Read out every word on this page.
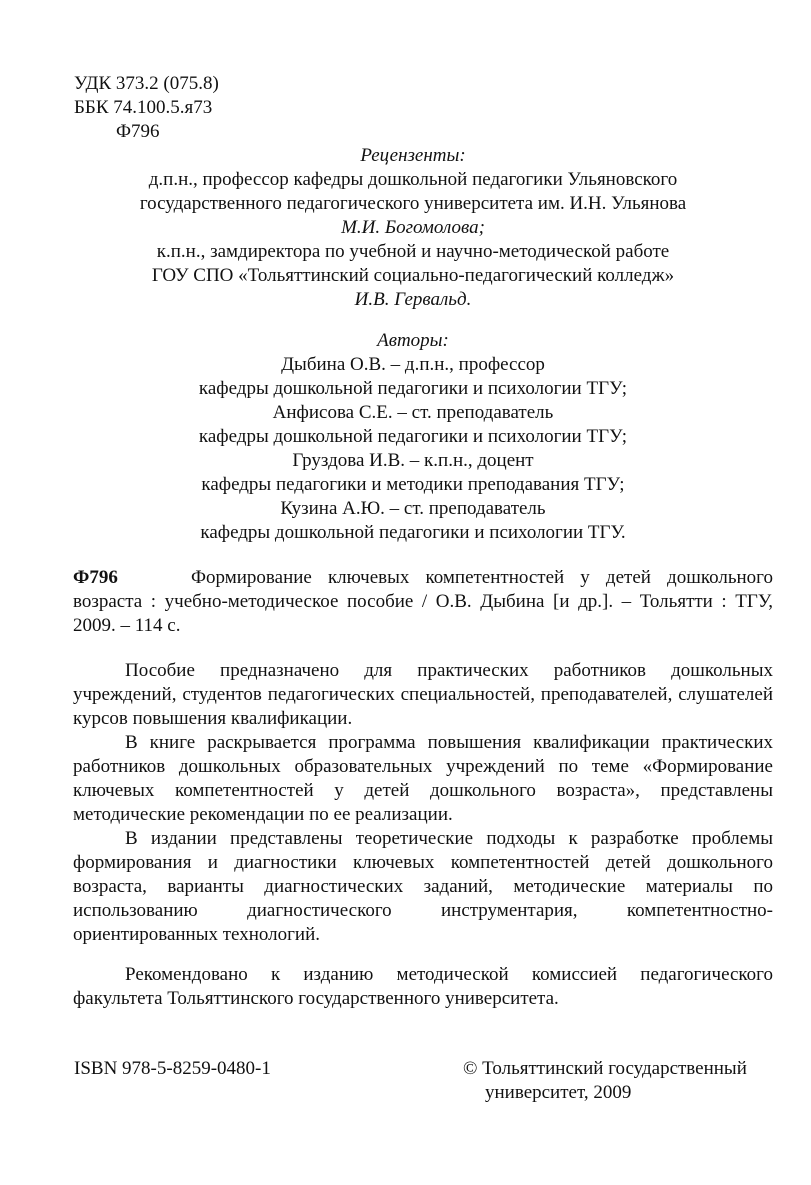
УДК 373.2 (075.8)
ББК 74.100.5.я73
Ф796
Рецензенты:
д.п.н., профессор кафедры дошкольной педагогики Ульяновского
государственного педагогического университета им. И.Н. Ульянова
М.И. Богомолова;
к.п.н., замдиректора по учебной и научно-методической работе
ГОУ СПО «Тольяттинский социально-педагогический колледж»
И.В. Гервальд.
Авторы:
Дыбина О.В. – д.п.н., профессор
кафедры дошкольной педагогики и психологии ТГУ;
Анфисова С.Е. – ст. преподаватель
кафедры дошкольной педагогики и психологии ТГУ;
Груздова И.В. – к.п.н., доцент
кафедры педагогики и методики преподавания ТГУ;
Кузина А.Ю. – ст. преподаватель
кафедры дошкольной педагогики и психологии ТГУ.
Ф796	Формирование ключевых компетентностей у детей дошкольного возраста : учебно-методическое пособие / О.В. Дыбина [и др.]. – Тольятти : ТГУ, 2009. – 114 с.

Пособие предназначено для практических работников дошкольных учреждений, студентов педагогических специальностей, преподавателей, слушателей курсов повышения квалификации.

В книге раскрывается программа повышения квалификации практических работников дошкольных образовательных учреждений по теме «Формирование ключевых компетентностей у детей дошкольного возраста», представлены методические рекомендации по ее реализации.

В издании представлены теоретические подходы к разработке проблемы формирования и диагностики ключевых компетентностей детей дошкольного возраста, варианты диагностических заданий, методические материалы по использованию диагностического инструментария, компетентностно-ориентированных технологий.

Рекомендовано к изданию методической комиссией педагогического факультета Тольяттинского государственного университета.

ISBN 978-5-8259-0480-1	© Тольяттинский государственный
университет, 2009
